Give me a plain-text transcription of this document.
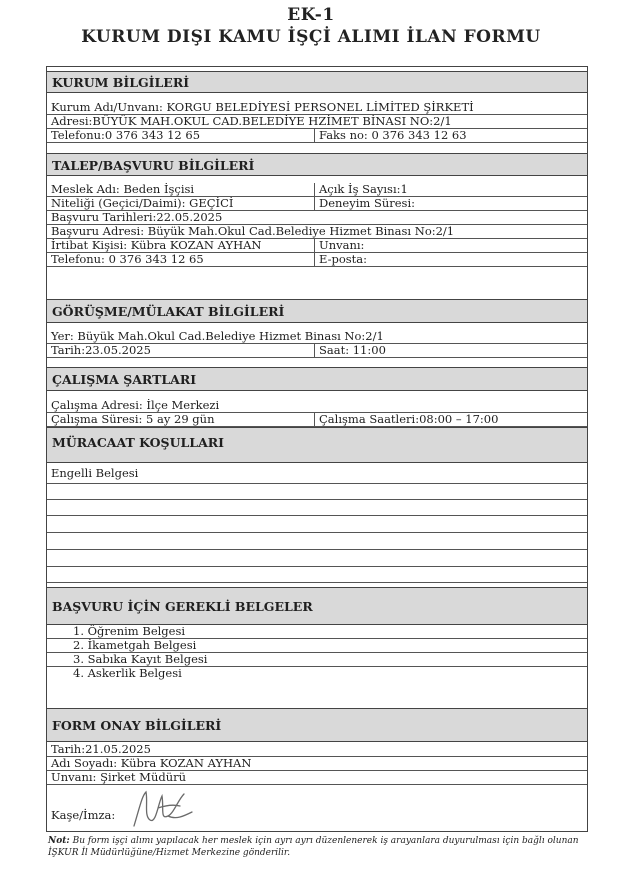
EK-1
KURUM DIŞI KAMU İŞÇİ ALIMI İLAN FORMU
KURUM BİLGİLERİ
Kurum Adı/Unvanı: KORGU BELEDİYESİ PERSONEL LİMİTED ŞİRKETİ
Adresi:BÜYÜK MAH.OKUL CAD.BELEDİYE HZİMET BİNASI NO:2/1
Telefonu:0 376 343 12 65	Faks no: 0 376 343 12 63
TALEP/BAŞVURU BİLGİLERİ
Meslek Adı: Beden İşçisi	Açık İş Sayısı:1
Niteliği (Geçici/Daimi): GEÇİCİ	Deneyim Süresi:
Başvuru Tarihleri:22.05.2025
Başvuru Adresi: Büyük Mah.Okul Cad.Belediye Hizmet Binası No:2/1
İrtibat Kişisi: Kübra KOZAN AYHAN	Unvanı:
Telefonu: 0 376 343 12 65	E-posta:
GÖRÜŞME/MÜLAKAT BİLGİLERİ
Yer: Büyük Mah.Okul Cad.Belediye Hizmet Binası No:2/1
Tarih:23.05.2025	Saat: 11:00
ÇALIŞMA ŞARTLARI
Çalışma Adresi: İlçe Merkezi
Çalışma Süresi: 5 ay 29 gün	Çalışma Saatleri:08:00 – 17:00
MÜRACAAT KOŞULLARI
Engelli Belgesi
BAŞVURU İÇİN GEREKLİ BELGELER
1. Öğrenim Belgesi
2. İkametgah Belgesi
3. Sabıka Kayıt Belgesi
4. Askerlik Belgesi
FORM ONAY BİLGİLERİ
Tarih:21.05.2025
Adı Soyadı: Kübra KOZAN AYHAN
Unvanı: Şirket Müdürü
Kaşe/İmza:
Not: Bu form işçi alımı yapılacak her meslek için ayrı ayrı düzenlenerek iş arayanlara duyurulması için bağlı olunan İŞKUR İl Müdürlüğüne/Hizmet Merkezine gönderilir.
